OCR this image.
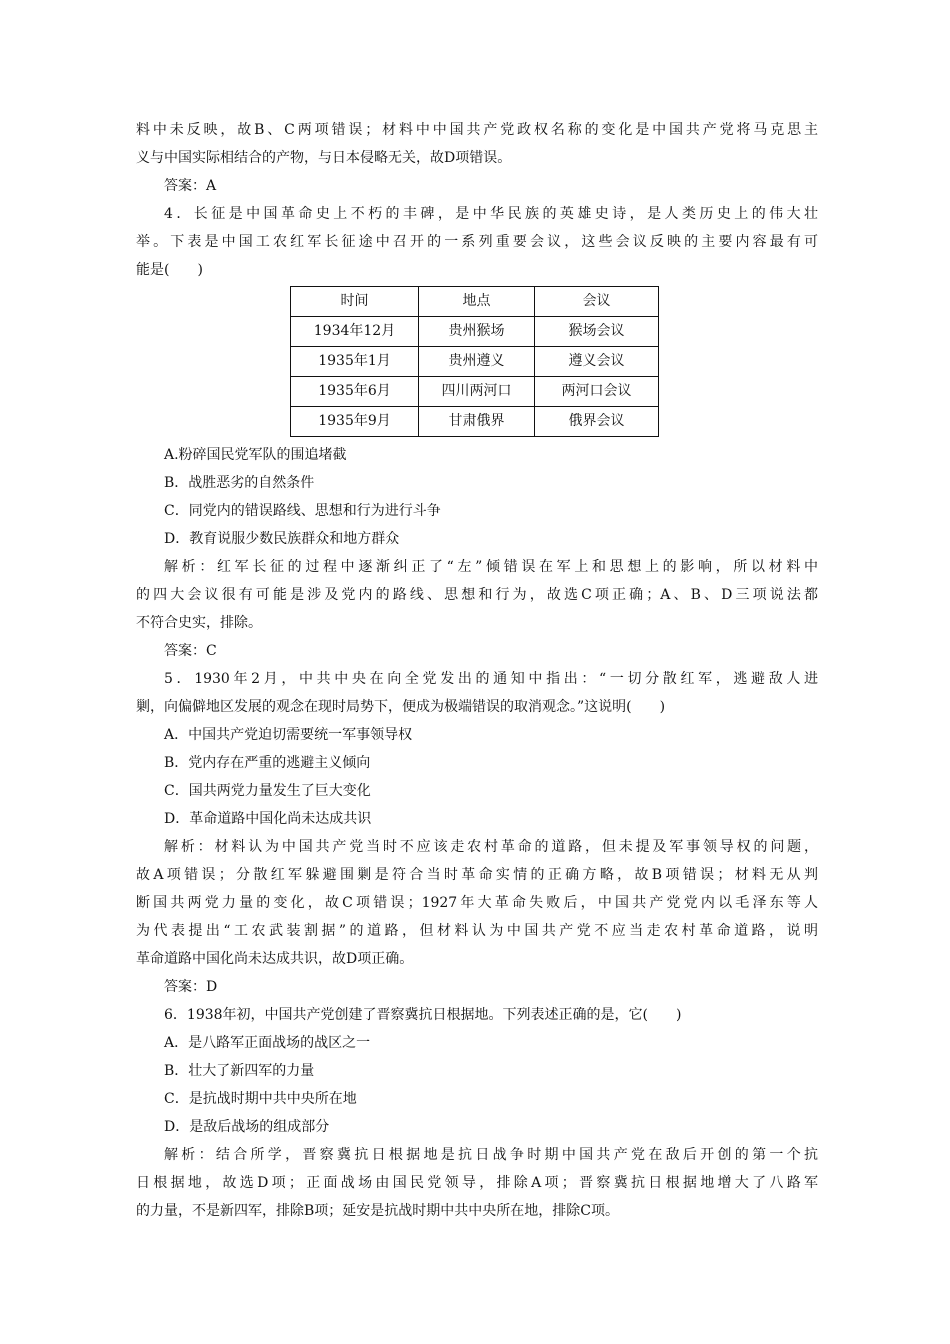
料中未反映，故B、C两项错误；材料中中国共产党政权名称的变化是中国共产党将马克思主
义与中国实际相结合的产物，与日本侵略无关，故D项错误。
答案：A
4．长征是中国革命史上不朽的丰碑，是中华民族的英雄史诗，是人类历史上的伟大壮
举。下表是中国工农红军长征途中召开的一系列重要会议，这些会议反映的主要内容最有可
能是(　　)
时间	地点	会议
1934年12月	贵州猴场	猴场会议
1935年1月	贵州遵义	遵义会议
1935年6月	四川两河口	两河口会议
1935年9月	甘肃俄界	俄界会议
A.粉碎国民党军队的围追堵截
B．战胜恶劣的自然条件
C．同党内的错误路线、思想和行为进行斗争
D．教育说服少数民族群众和地方群众
解析：红军长征的过程中逐渐纠正了“左”倾错误在军上和思想上的影响，所以材料中
的四大会议很有可能是涉及党内的路线、思想和行为，故选C项正确；A、B、D三项说法都
不符合史实，排除。
答案：C
5．1930年2月，中共中央在向全党发出的通知中指出：“一切分散红军，逃避敌人进
剿，向偏僻地区发展的观念在现时局势下，便成为极端错误的取消观念。”这说明(　　)
A．中国共产党迫切需要统一军事领导权
B．党内存在严重的逃避主义倾向
C．国共两党力量发生了巨大变化
D．革命道路中国化尚未达成共识
解析：材料认为中国共产党当时不应该走农村革命的道路，但未提及军事领导权的问题，
故A项错误；分散红军躲避围剿是符合当时革命实情的正确方略，故B项错误；材料无从判
断国共两党力量的变化，故C项错误；1927年大革命失败后，中国共产党党内以毛泽东等人
为代表提出“工农武装割据”的道路，但材料认为中国共产党不应当走农村革命道路，说明
革命道路中国化尚未达成共识，故D项正确。
答案：D
6．1938年初，中国共产党创建了晋察冀抗日根据地。下列表述正确的是，它(　　)
A．是八路军正面战场的战区之一
B．壮大了新四军的力量
C．是抗战时期中共中央所在地
D．是敌后战场的组成部分
解析：结合所学，晋察冀抗日根据地是抗日战争时期中国共产党在敌后开创的第一个抗
日根据地，故选D项；正面战场由国民党领导，排除A项；晋察冀抗日根据地增大了八路军
的力量，不是新四军，排除B项；延安是抗战时期中共中央所在地，排除C项。
